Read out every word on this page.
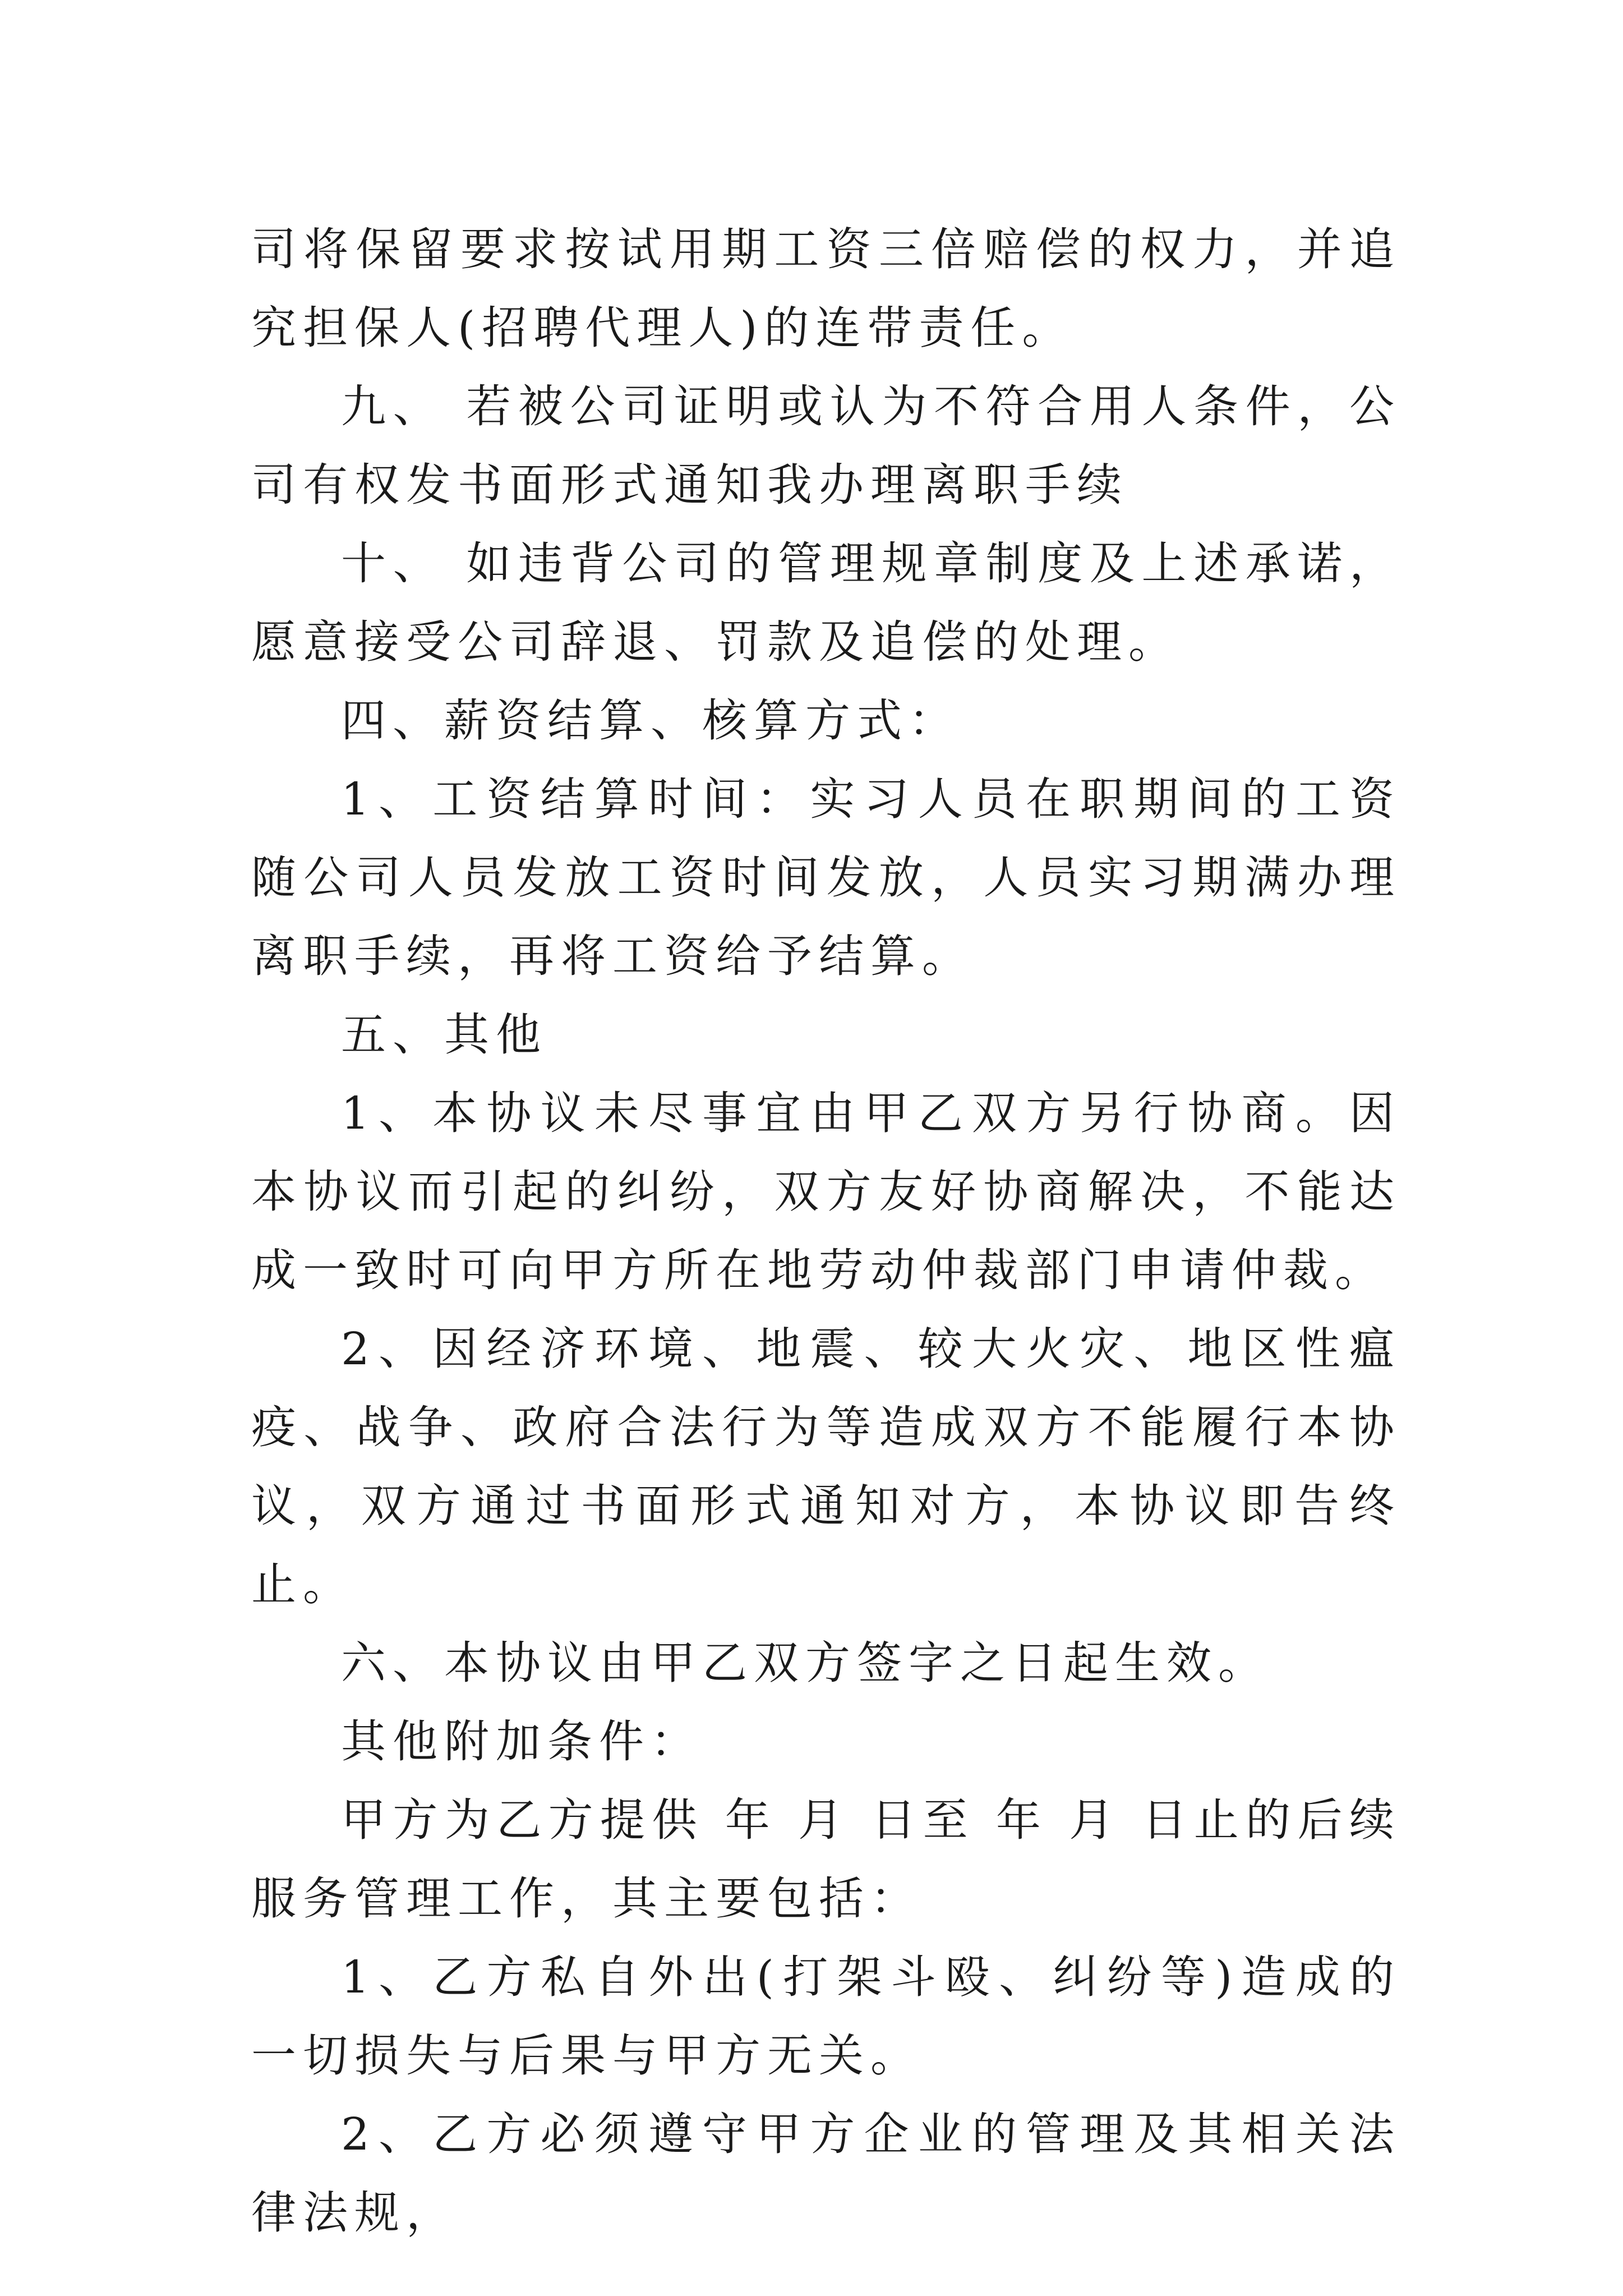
司将保留要求按试用期工资三倍赔偿的权力，并追究担保人(招聘代理人)的连带责任。

九、 若被公司证明或认为不符合用人条件，公司有权发书面形式通知我办理离职手续

十、 如违背公司的管理规章制度及上述承诺，愿意接受公司辞退、罚款及追偿的处理。

四、薪资结算、核算方式：

1、工资结算时间：实习人员在职期间的工资随公司人员发放工资时间发放，人员实习期满办理离职手续，再将工资给予结算。

五、其他

1、本协议未尽事宜由甲乙双方另行协商。因本协议而引起的纠纷，双方友好协商解决，不能达成一致时可向甲方所在地劳动仲裁部门申请仲裁。

2、因经济环境、地震、较大火灾、地区性瘟疫、战争、政府合法行为等造成双方不能履行本协议，双方通过书面形式通知对方，本协议即告终止。

六、本协议由甲乙双方签字之日起生效。

其他附加条件：

甲方为乙方提供 年 月 日至 年 月 日止的后续服务管理工作，其主要包括：

1、乙方私自外出(打架斗殴、纠纷等)造成的一切损失与后果与甲方无关。

2、乙方必须遵守甲方企业的管理及其相关法律法规，
